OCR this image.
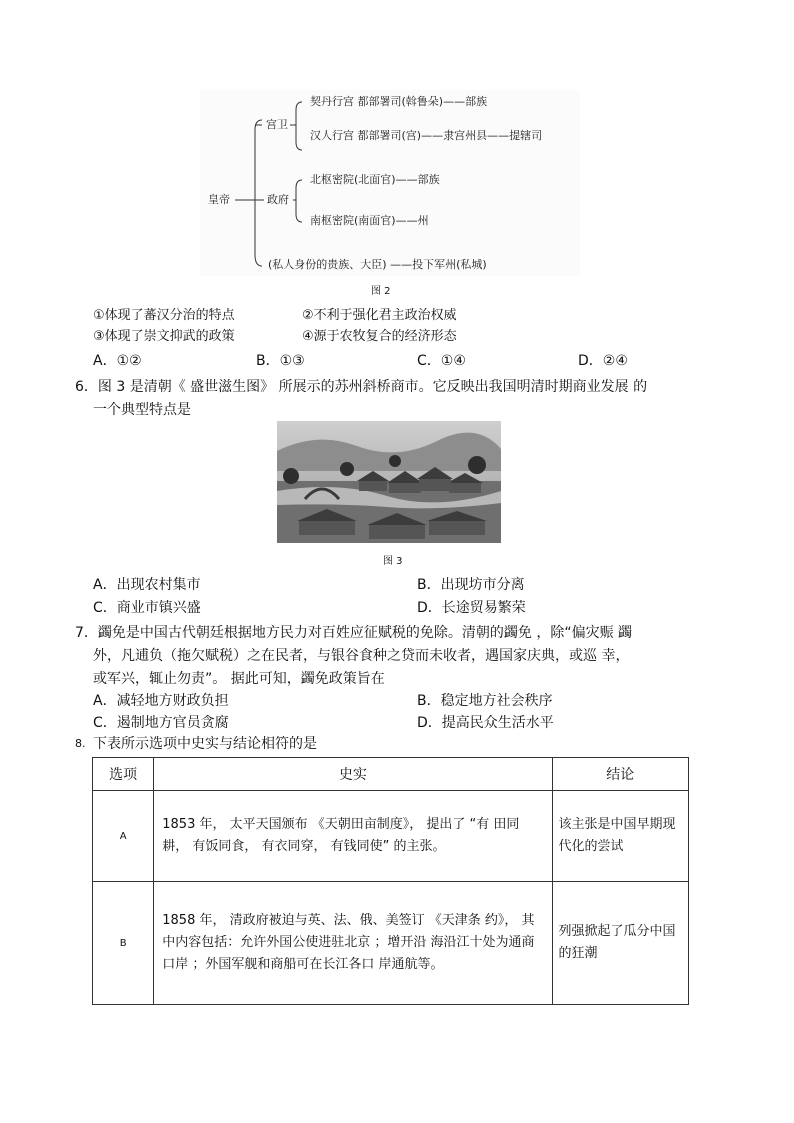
皇帝
宫卫
政府
契丹行宫 都部署司(斡鲁朵)——部族
汉人行宫 都部署司(宫)——隶宫州县——提辖司
北枢密院(北面官)——部族
南枢密院(南面官)——州
(私人身份的贵族、大臣) ——投下军州(私城)
图 2
①体现了蕃汉分治的特点	②不利于强化君主政治权威
③体现了崇文抑武的政策	④源于农牧复合的经济形态
A．①②	B．①③	C．①④	D．②④
6．图 3 是清朝《 盛世滋生图》 所展示的苏州斜桥商市。它反映出我国明清时期商业发展 的
一个典型特点是
图 3
A．出现农村集市	B．出现坊市分离
C．商业市镇兴盛	D．长途贸易繁荣
7．蠲免是中国古代朝廷根据地方民力对百姓应征赋税的免除。清朝的蠲免 ，除“偏灾赈 蠲
外，凡逋负（拖欠赋税）之在民者，与银谷食种之贷而未收者，遇国家庆典，或巡 幸，
或军兴，辄止勿责”。 据此可知，蠲免政策旨在
A．减轻地方财政负担	B．稳定地方社会秩序
C．遏制地方官员贪腐	D．提高民众生活水平
8. 下表所示选项中史实与结论相符的是
选项	史实	结论
A	1853 年， 太平天国颁布 《天朝田亩制度》， 提出了 “有 田同耕， 有饭同食， 有衣同穿， 有钱同使” 的主张。	该主张是中国早期现代化的尝试
B	1858 年， 清政府被迫与英、法、俄、美签订 《天津条 约》， 其中内容包括：允许外国公使进驻北京 ；增开沿 海沿江十处为通商口岸 ；外国军舰和商船可在长江各口 岸通航等。	列强掀起了瓜分中国的狂潮
